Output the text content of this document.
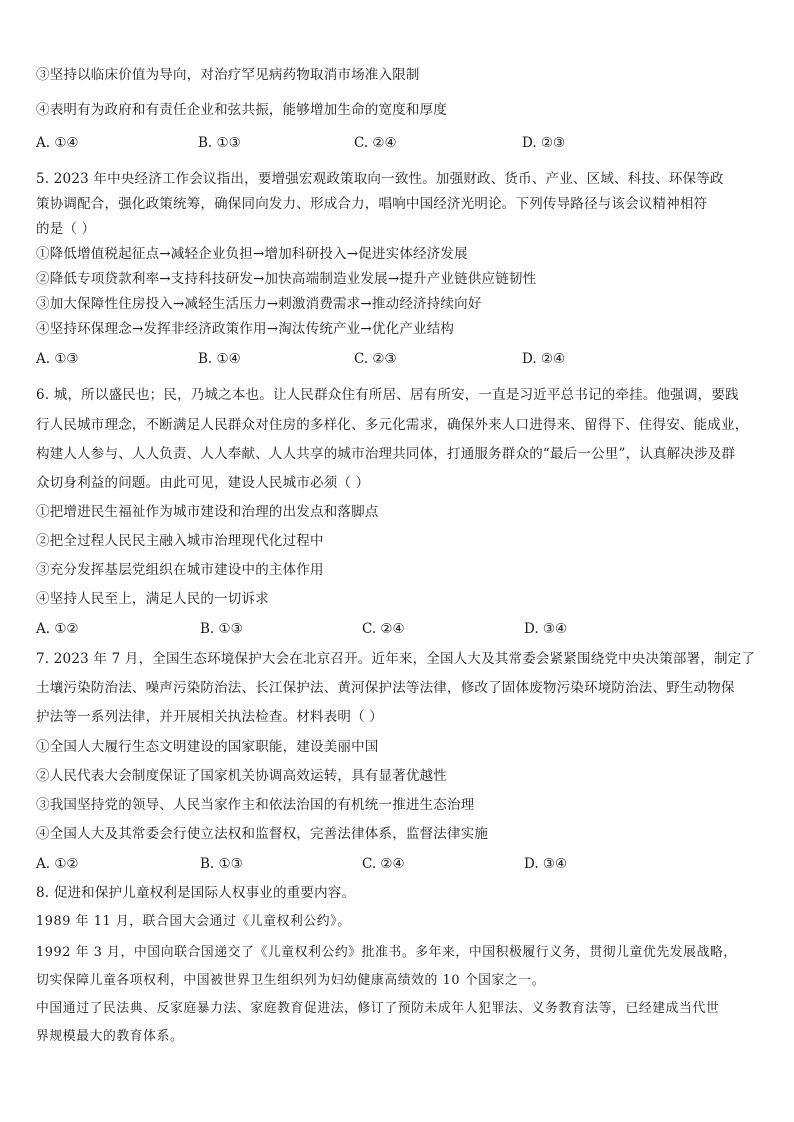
③坚持以临床价值为导向，对治疗罕见病药物取消市场准入限制
④表明有为政府和有责任企业和弦共振，能够增加生命的宽度和厚度
A. ①④	B. ①③	C. ②④	D. ②③
5. 2023 年中央经济工作会议指出，要增强宏观政策取向一致性。加强财政、货币、产业、区域、科技、环保等政
策协调配合，强化政策统筹，确保同向发力、形成合力，唱响中国经济光明论。下列传导路径与该会议精神相符
的是（ ）
①降低增值税起征点→减轻企业负担→增加科研投入→促进实体经济发展
②降低专项贷款利率→支持科技研发→加快高端制造业发展→提升产业链供应链韧性
③加大保障性住房投入→减轻生活压力→刺激消费需求→推动经济持续向好
④坚持环保理念→发挥非经济政策作用→淘汰传统产业→优化产业结构
A. ①③	B. ①④	C. ②③	D. ②④
6. 城，所以盛民也；民，乃城之本也。让人民群众住有所居、居有所安，一直是习近平总书记的牵挂。他强调，要践
行人民城市理念，不断满足人民群众对住房的多样化、多元化需求，确保外来人口进得来、留得下、住得安、能成业，
构建人人参与、人人负责、人人奉献、人人共享的城市治理共同体，打通服务群众的“最后一公里”，认真解决涉及群
众切身利益的问题。由此可见，建设人民城市必须（ ）
①把增进民生福祉作为城市建设和治理的出发点和落脚点
②把全过程人民民主融入城市治理现代化过程中
③充分发挥基层党组织在城市建设中的主体作用
④坚持人民至上，满足人民的一切诉求
A. ①②	B. ①③	C. ②④	D. ③④
7. 2023 年 7 月，全国生态环境保护大会在北京召开。近年来，全国人大及其常委会紧紧围绕党中央决策部署，制定了
土壤污染防治法、噪声污染防治法、长江保护法、黄河保护法等法律，修改了固体废物污染环境防治法、野生动物保
护法等一系列法律，并开展相关执法检查。材料表明（ ）
①全国人大履行生态文明建设的国家职能，建设美丽中国
②人民代表大会制度保证了国家机关协调高效运转，具有显著优越性
③我国坚持党的领导、人民当家作主和依法治国的有机统一推进生态治理
④全国人大及其常委会行使立法权和监督权，完善法律体系，监督法律实施
A. ①②	B. ①③	C. ②④	D. ③④
8. 促进和保护儿童权利是国际人权事业的重要内容。
1989 年 11 月，联合国大会通过《儿童权利公约》。
1992 年 3 月，中国向联合国递交了《儿童权利公约》批准书。多年来，中国积极履行义务，贯彻儿童优先发展战略，
切实保障儿童各项权利，中国被世界卫生组织列为妇幼健康高绩效的 10 个国家之一。
中国通过了民法典、反家庭暴力法、家庭教育促进法，修订了预防未成年人犯罪法、义务教育法等，已经建成当代世
界规模最大的教育体系。
